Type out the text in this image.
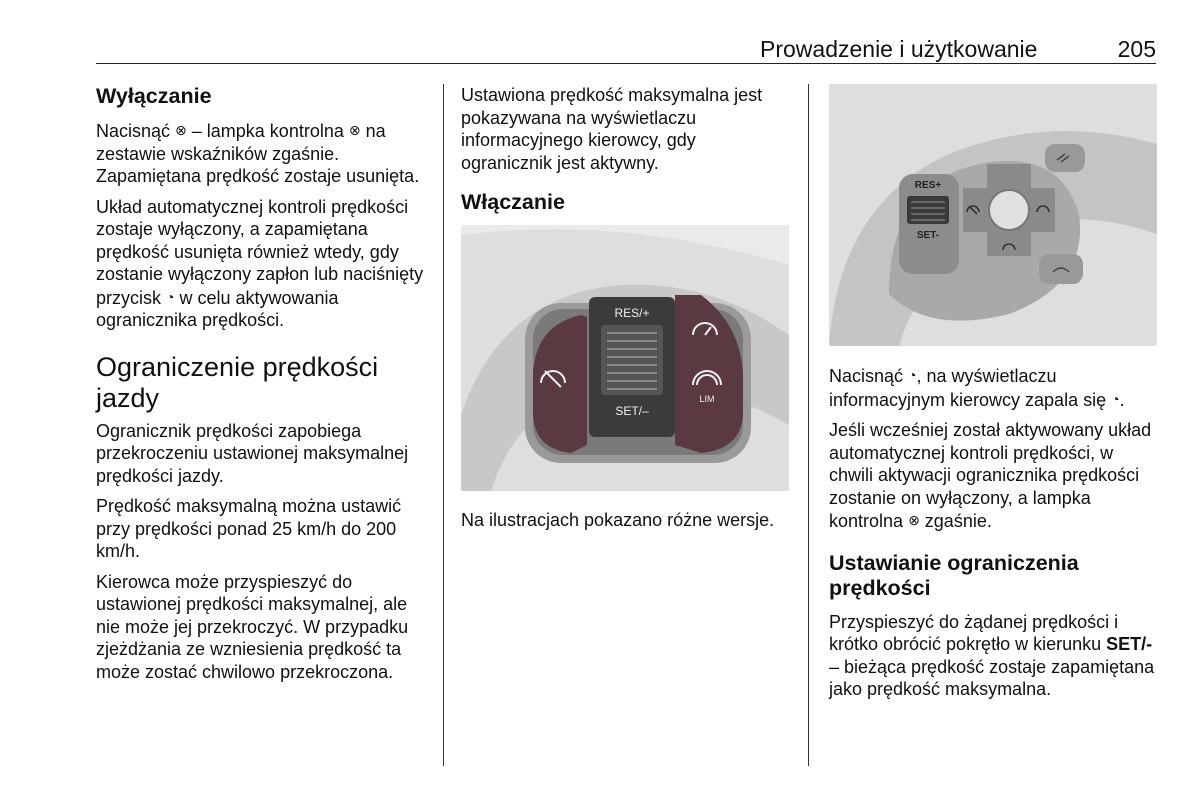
Prowadzenie i użytkowanie	205
Wyłączanie

Nacisnąć ⊗ – lampka kontrolna ⊗ na zestawie wskaźników zgaśnie. Zapamiętana prędkość zostaje usunięta.

Układ automatycznej kontroli prędkości zostaje wyłączony, a zapamiętana prędkość usunięta również wtedy, gdy zostanie wyłączony zapłon lub naciśnięty przycisk ◔ w celu aktywowania ogranicznika prędkości.

Ograniczenie prędkości jazdy

Ogranicznik prędkości zapobiega przekroczeniu ustawionej maksymalnej prędkości jazdy.

Prędkość maksymalną można ustawić przy prędkości ponad 25 km/h do 200 km/h.

Kierowca może przyspieszyć do ustawionej prędkości maksymalnej, ale nie może jej przekroczyć. W przypadku zjeżdżania ze wzniesienia prędkość ta może zostać chwilowo przekroczona.

Ustawiona prędkość maksymalna jest pokazywana na wyświetlaczu informacyjnego kierowcy, gdy ogranicznik jest aktywny.

Włączanie
RES/+
SET/–
LIM

Na ilustracjach pokazano różne wersje.

RES+
SET-

Nacisnąć ◔, na wyświetlaczu informacyjnym kierowcy zapala się ◔.

Jeśli wcześniej został aktywowany układ automatycznej kontroli prędkości, w chwili aktywacji ogranicznika prędkości zostanie on wyłączony, a lampka kontrolna ⊗ zgaśnie.

Ustawianie ograniczenia prędkości

Przyspieszyć do żądanej prędkości i krótko obrócić pokrętło w kierunku SET/- – bieżąca prędkość zostaje zapamiętana jako prędkość maksymalna.
